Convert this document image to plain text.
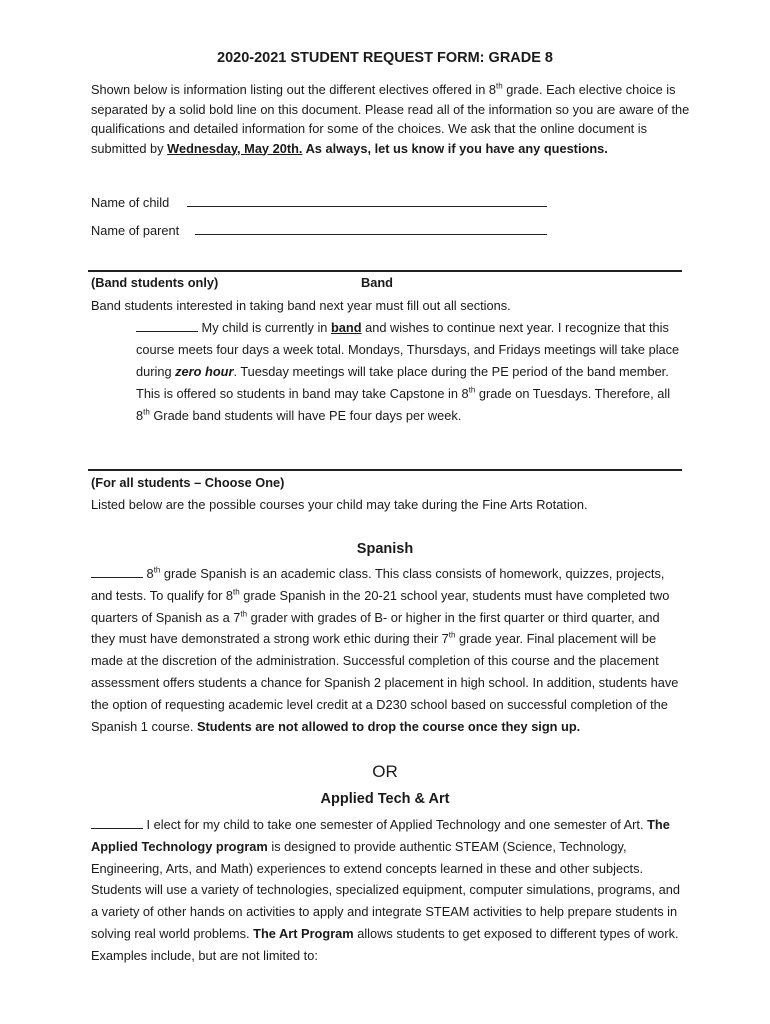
2020-2021 STUDENT REQUEST FORM: GRADE 8
Shown below is information listing out the different electives offered in 8th grade. Each elective choice is separated by a solid bold line on this document. Please read all of the information so you are aware of the qualifications and detailed information for some of the choices. We ask that the online document is submitted by Wednesday, May 20th. As always, let us know if you have any questions.
Name of child
Name of parent
(Band students only)	Band
Band students interested in taking band next year must fill out all sections.
My child is currently in band and wishes to continue next year. I recognize that this course meets four days a week total. Mondays, Thursdays, and Fridays meetings will take place during zero hour. Tuesday meetings will take place during the PE period of the band member. This is offered so students in band may take Capstone in 8th grade on Tuesdays. Therefore, all 8th Grade band students will have PE four days per week.
(For all students – Choose One)
Listed below are the possible courses your child may take during the Fine Arts Rotation.
Spanish
8th grade Spanish is an academic class. This class consists of homework, quizzes, projects, and tests. To qualify for 8th grade Spanish in the 20-21 school year, students must have completed two quarters of Spanish as a 7th grader with grades of B- or higher in the first quarter or third quarter, and they must have demonstrated a strong work ethic during their 7th grade year. Final placement will be made at the discretion of the administration. Successful completion of this course and the placement assessment offers students a chance for Spanish 2 placement in high school. In addition, students have the option of requesting academic level credit at a D230 school based on successful completion of the Spanish 1 course. Students are not allowed to drop the course once they sign up.
OR
Applied Tech & Art
I elect for my child to take one semester of Applied Technology and one semester of Art. The Applied Technology program is designed to provide authentic STEAM (Science, Technology, Engineering, Arts, and Math) experiences to extend concepts learned in these and other subjects. Students will use a variety of technologies, specialized equipment, computer simulations, programs, and a variety of other hands on activities to apply and integrate STEAM activities to help prepare students in solving real world problems. The Art Program allows students to get exposed to different types of work. Examples include, but are not limited to:
